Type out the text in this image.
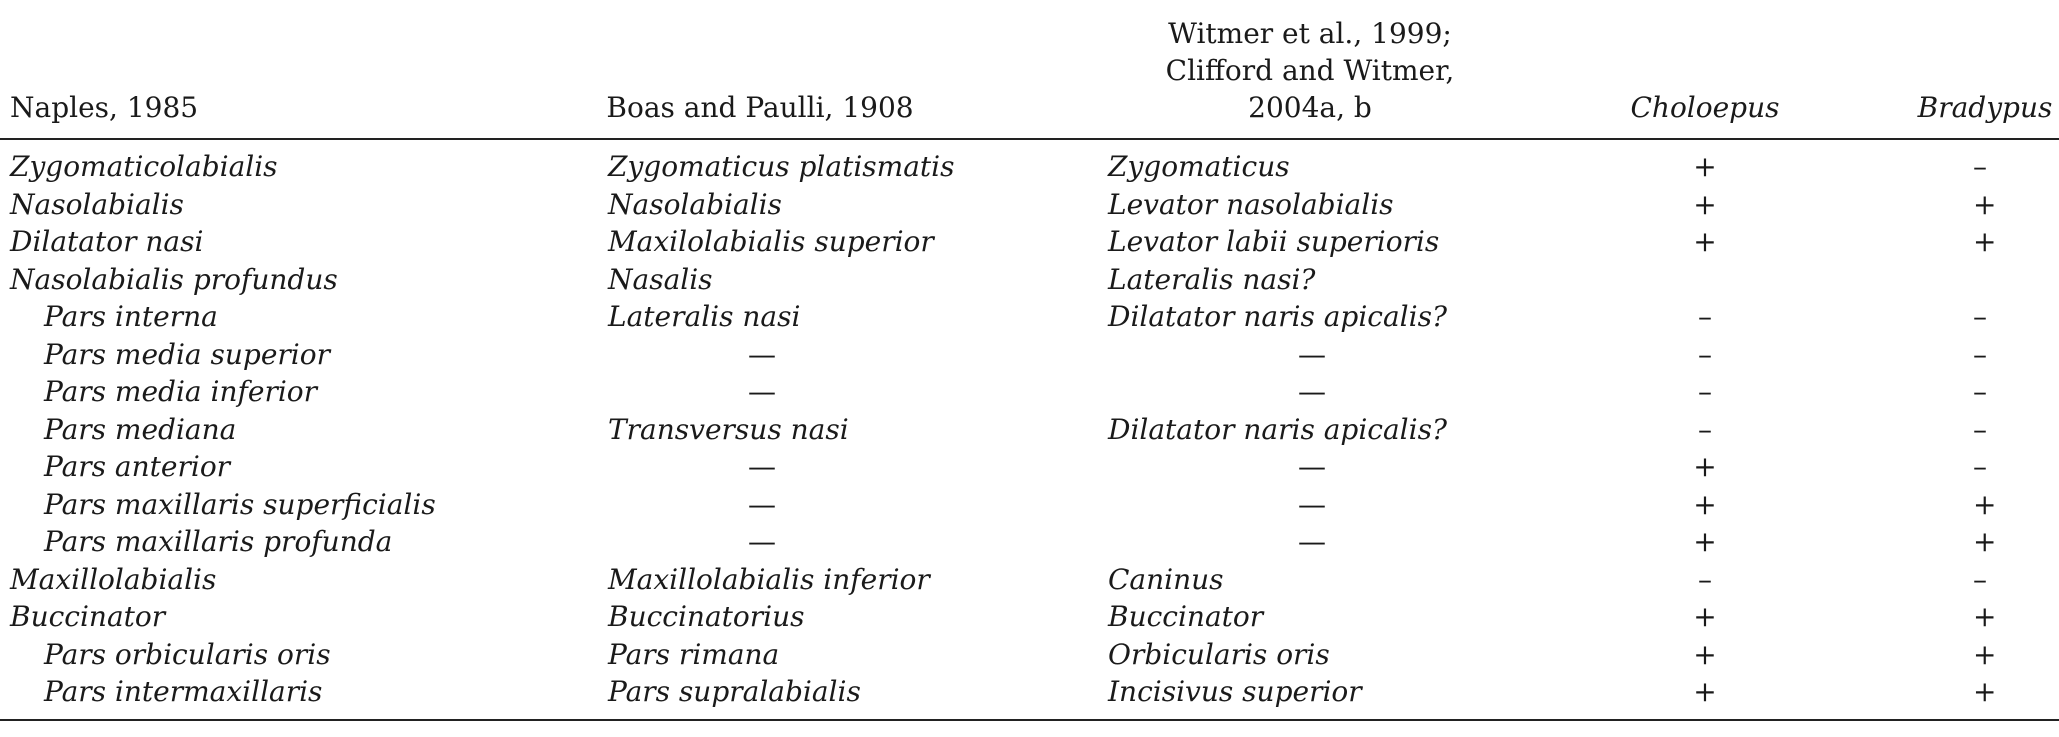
Naples, 1985	Boas and Paulli, 1908	Witmer et al., 1999;
Clifford and Witmer,
2004a, b	Choloepus	Bradypus
Zygomaticolabialis	Zygomaticus platismatis	Zygomaticus	+	–
Nasolabialis	Nasolabialis	Levator nasolabialis	+	+
Dilatator nasi	Maxilolabialis superior	Levator labii superioris	+	+
Nasolabialis profundus	Nasalis	Lateralis nasi?		
Pars interna	Lateralis nasi	Dilatator naris apicalis?	–	–
Pars media superior	—	—	–	–
Pars media inferior	—	—	–	–
Pars mediana	Transversus nasi	Dilatator naris apicalis?	–	–
Pars anterior	—	—	+	–
Pars maxillaris superficialis	—	—	+	+
Pars maxillaris profunda	—	—	+	+
Maxillolabialis	Maxillolabialis inferior	Caninus	–	–
Buccinator	Buccinatorius	Buccinator	+	+
Pars orbicularis oris	Pars rimana	Orbicularis oris	+	+
Pars intermaxillaris	Pars supralabialis	Incisivus superior	+	+
